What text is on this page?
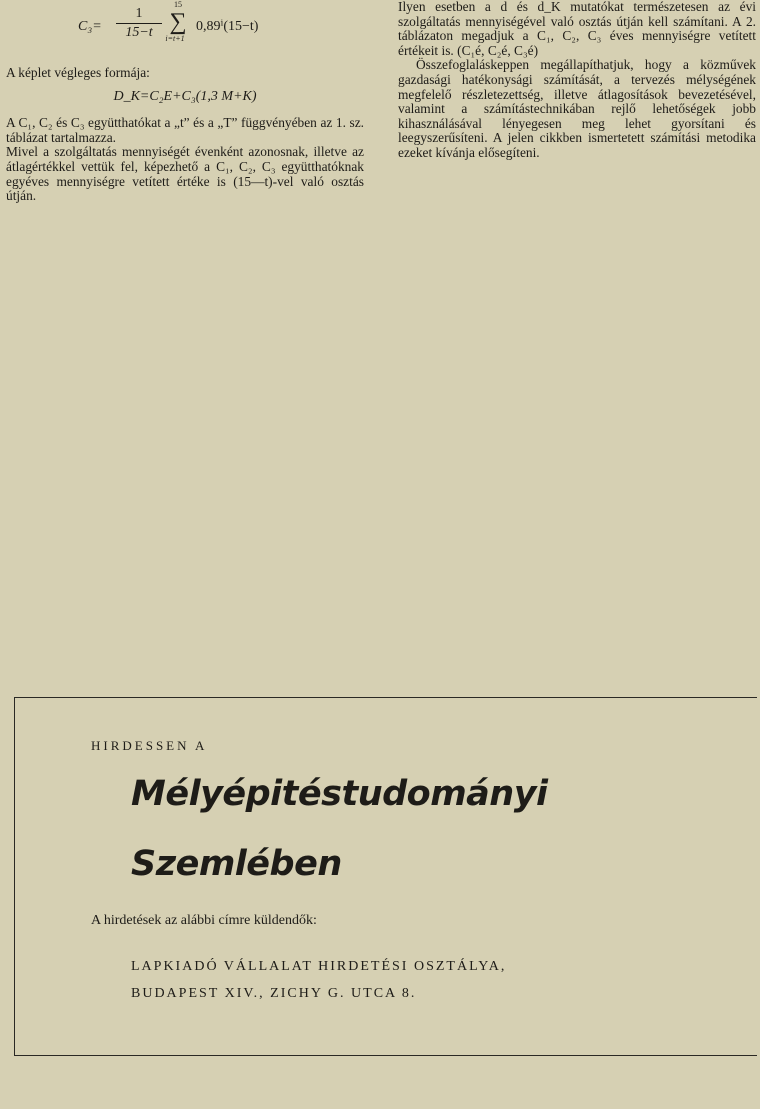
C₃=
1
15−t
15
∑
i=t+1
0,89ⁱ(15−t)

A képlet végleges formája:

D_K=C₂E+C₃(1,3 M+K)

A C₁, C₂ és C₃ együtthatókat a „t” és a „T” függvényében az 1. sz. táblázat tartalmazza.

Mivel a szolgáltatás mennyiségét évenként azonosnak, illetve az átlagértékkel vettük fel, képezhető a C₁, C₂, C₃ együtthatóknak egyéves mennyiségre vetített értéke is (15—t)-vel való osztás útján.

Ilyen esetben a d és d_K mutatókat természetesen az évi szolgáltatás mennyiségével való osztás útján kell számítani. A 2. táblázaton megadjuk a C₁, C₂, C₃ éves mennyiségre vetített értékeit is. (C₁é, C₂é, C₃é)

Összefoglaláskeppen megállapíthatjuk, hogy a közművek gazdasági hatékonysági számítását, a tervezés mélységének megfelelő részletezettség, illetve átlagosítások bevezetésével, valamint a számítástechnikában rejlő lehetőségek jobb kihasználásával lényegesen meg lehet gyorsítani és leegyszerűsíteni. A jelen cikkben ismertetett számítási metodika ezeket kívánja elősegíteni.

HIRDESSEN A
Mélyépitéstudományi
Szemlében
A hirdetések az alábbi címre küldendők:
LAPKIADÓ VÁLLALAT HIRDETÉSI OSZTÁLYA,
BUDAPEST XIV., ZICHY G. UTCA 8.
